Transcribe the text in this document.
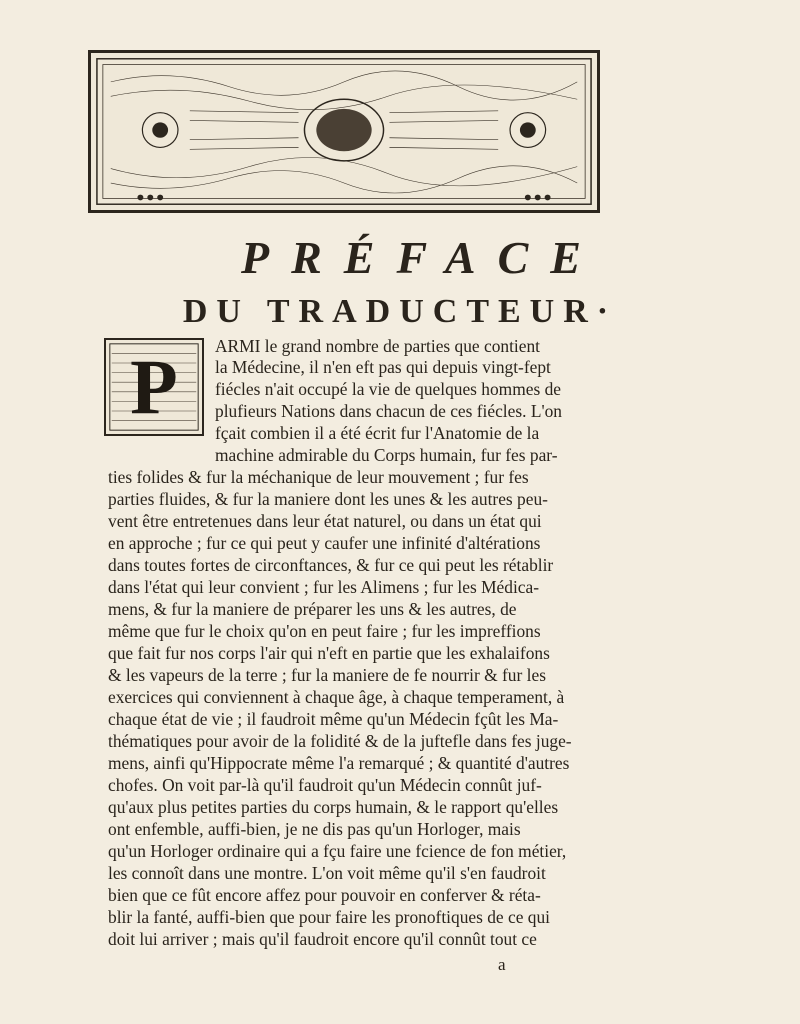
PRÉFACE
DU TRADUCTEUR·
P	ARMI le grand nombre de parties que contient

la Médecine, il n'en eft pas qui depuis vingt-fept

fiécles n'ait occupé la vie de quelques hommes de

plufieurs Nations dans chacun de ces fiécles. L'on

fçait combien il a été écrit fur l'Anatomie de la

machine admirable du Corps humain, fur fes par-

ties folides & fur la méchanique de leur mouvement ; fur fes

parties fluides, & fur la maniere dont les unes & les autres peu-

vent être entretenues dans leur état naturel, ou dans un état qui

en approche ; fur ce qui peut y caufer une infinité d'altérations

dans toutes fortes de circonftances, & fur ce qui peut les rétablir

dans l'état qui leur convient ; fur les Alimens ; fur les Médica-

mens, & fur la maniere de préparer les uns & les autres, de

même que fur le choix qu'on en peut faire ; fur les impreffions

que fait fur nos corps l'air qui n'eft en partie que les exhalaifons

& les vapeurs de la terre ; fur la maniere de fe nourrir & fur les

exercices qui conviennent à chaque âge, à chaque temperament, à

chaque état de vie ; il faudroit même qu'un Médecin fçût les Ma-

thématiques pour avoir de la folidité & de la juftefle dans fes juge-

mens, ainfi qu'Hippocrate même l'a remarqué ; & quantité d'autres

chofes. On voit par-là qu'il faudroit qu'un Médecin connût juf-

qu'aux plus petites parties du corps humain, & le rapport qu'elles

ont enfemble, auffi-bien, je ne dis pas qu'un Horloger, mais

qu'un Horloger ordinaire qui a fçu faire une fcience de fon métier,

les connoît dans une montre. L'on voit même qu'il s'en faudroit

bien que ce fût encore affez pour pouvoir en conferver & réta-

blir la fanté, auffi-bien que pour faire les pronoftiques de ce qui

doit lui arriver ; mais qu'il faudroit encore qu'il connût tout ce

a
